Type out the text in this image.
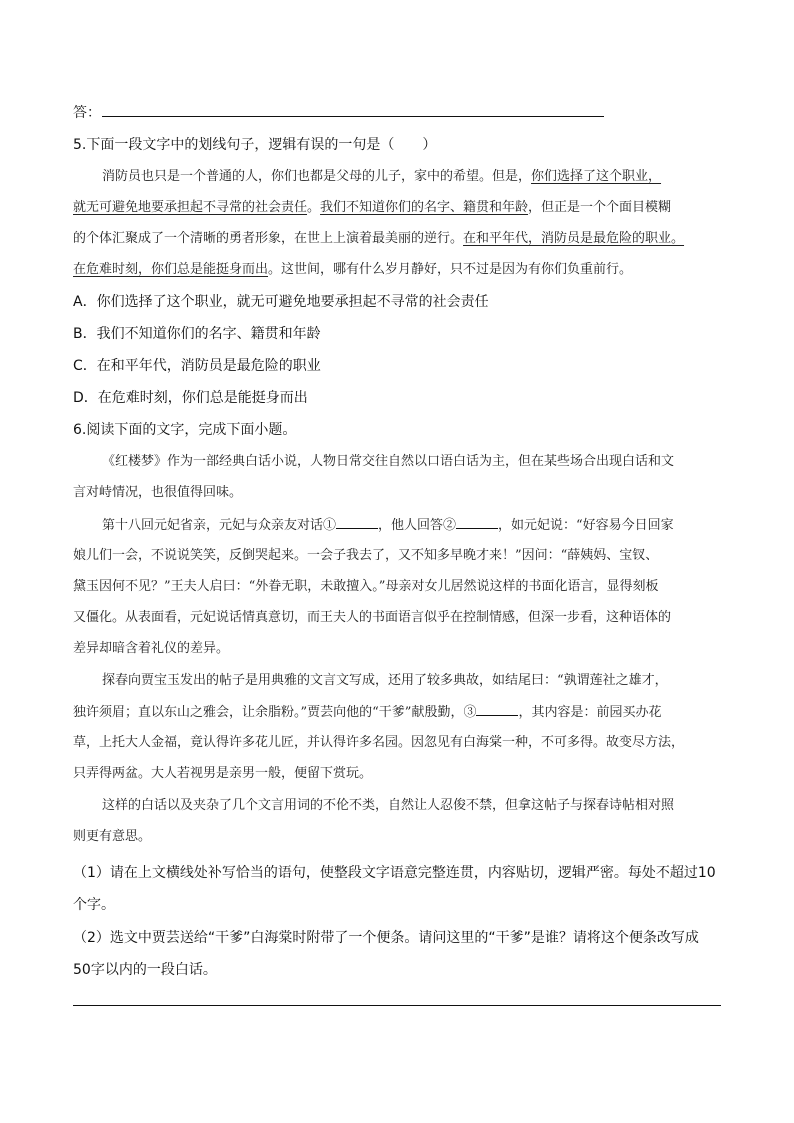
答：
5.下面一段文字中的划线句子，逻辑有误的一句是（　　）
消防员也只是一个普通的人，你们也都是父母的儿子，家中的希望。但是，你们选择了这个职业，
就无可避免地要承担起不寻常的社会责任。我们不知道你们的名字、籍贯和年龄，但正是一个个面目模糊
的个体汇聚成了一个清晰的勇者形象，在世上上演着最美丽的逆行。在和平年代，消防员是最危险的职业。
在危难时刻，你们总是能挺身而出。这世间，哪有什么岁月静好，只不过是因为有你们负重前行。
A．你们选择了这个职业，就无可避免地要承担起不寻常的社会责任
B．我们不知道你们的名字、籍贯和年龄
C．在和平年代，消防员是最危险的职业
D．在危难时刻，你们总是能挺身而出
6.阅读下面的文字，完成下面小题。
《红楼梦》作为一部经典白话小说，人物日常交往自然以口语白话为主，但在某些场合出现白话和文
言对峙情况，也很值得回味。
第十八回元妃省亲，元妃与众亲友对话①	，他人回答②	，如元妃说：“好容易今日回家
娘儿们一会，不说说笑笑，反倒哭起来。一会子我去了，又不知多早晚才来！”因问：“薛姨妈、宝钗、
黛玉因何不见？”王夫人启曰：“外眷无职，未敢擅入。”母亲对女儿居然说这样的书面化语言，显得刻板
又僵化。从表面看，元妃说话情真意切，而王夫人的书面语言似乎在控制情感，但深一步看，这种语体的
差异却暗含着礼仪的差异。
探春向贾宝玉发出的帖子是用典雅的文言文写成，还用了较多典故，如结尾曰：“孰谓莲社之雄才，
独许须眉；直以东山之雅会，让余脂粉。”贾芸向他的“干爹”献殷勤，③	，其内容是：前园买办花
草，上托大人金福，竟认得许多花儿匠，并认得许多名园。因忽见有白海棠一种，不可多得。故变尽方法，
只弄得两盆。大人若视男是亲男一般，便留下赏玩。
这样的白话以及夹杂了几个文言用词的不伦不类，自然让人忍俊不禁，但拿这帖子与探春诗帖相对照
则更有意思。
（1）请在上文横线处补写恰当的语句，使整段文字语意完整连贯，内容贴切，逻辑严密。每处不超过10
个字。
（2）选文中贾芸送给“干爹”白海棠时附带了一个便条。请问这里的“干爹”是谁？请将这个便条改写成
50字以内的一段白话。
